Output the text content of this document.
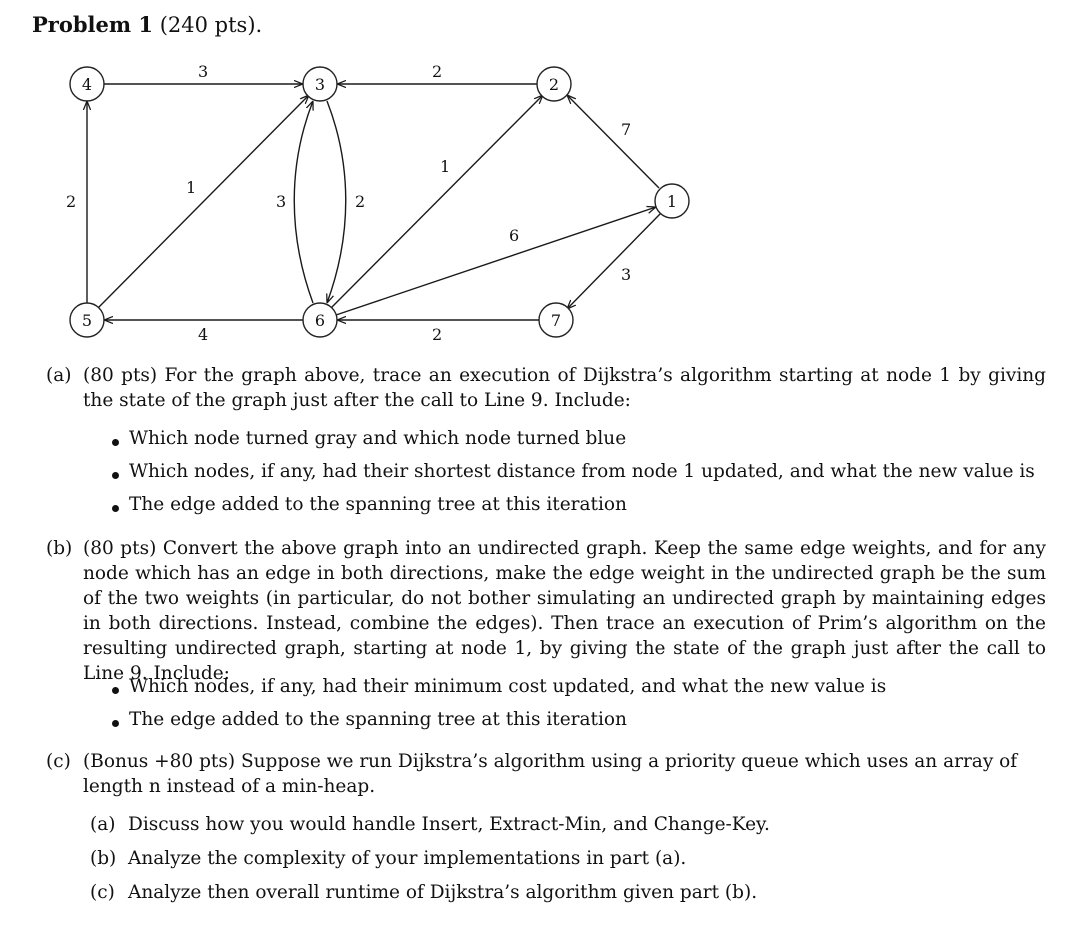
Problem 1 (240 pts).
3	2
7
2
1
3	2
1
6
3
4	2
4	3	2
1
5	6	7
(a) (80 pts) For the graph above, trace an execution of Dijkstra’s algorithm starting at node 1 by giving the state of the graph just after the call to Line 9. Include:
Which node turned gray and which node turned blue
Which nodes, if any, had their shortest distance from node 1 updated, and what the new value is
The edge added to the spanning tree at this iteration
(b) (80 pts) Convert the above graph into an undirected graph. Keep the same edge weights, and for any node which has an edge in both directions, make the edge weight in the undirected graph be the sum of the two weights (in particular, do not bother simulating an undirected graph by maintaining edges in both directions. Instead, combine the edges). Then trace an execution of Prim’s algorithm on the resulting undirected graph, starting at node 1, by giving the state of the graph just after the call to Line 9. Include:
Which nodes, if any, had their minimum cost updated, and what the new value is
The edge added to the spanning tree at this iteration
(c) (Bonus +80 pts) Suppose we run Dijkstra’s algorithm using a priority queue which uses an array of length n instead of a min-heap.
(a) Discuss how you would handle Insert, Extract-Min, and Change-Key.
(b) Analyze the complexity of your implementations in part (a).
(c) Analyze then overall runtime of Dijkstra’s algorithm given part (b).
